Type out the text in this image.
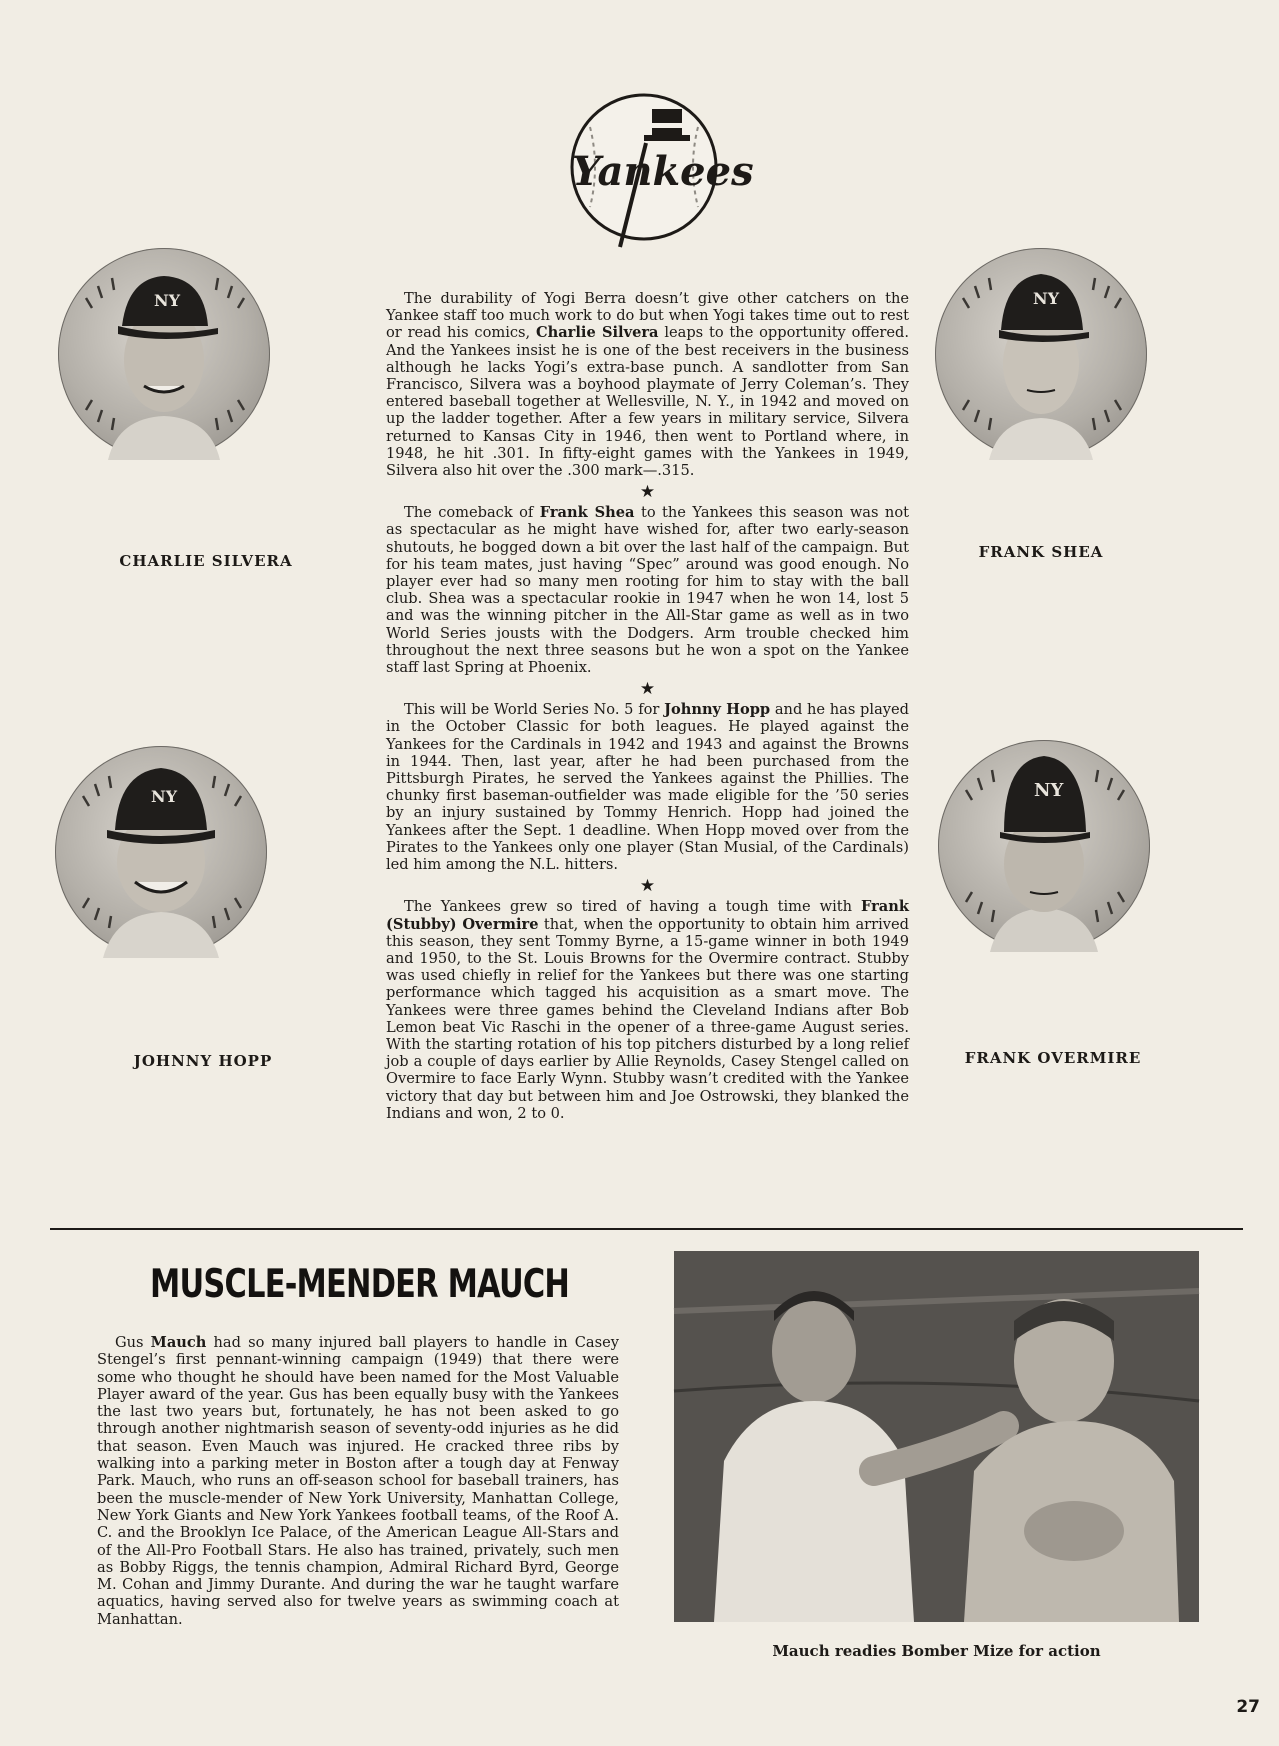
Yankees
NY
CHARLIE SILVERA
NY
FRANK SHEA
NY
JOHNNY HOPP
NY
FRANK OVERMIRE

The durability of Yogi Berra doesn’t give other catchers on the Yankee staff too much work to do but when Yogi takes time out to rest or read his comics, Charlie Silvera leaps to the opportunity offered. And the Yankees insist he is one of the best receivers in the business although he lacks Yogi’s extra-base punch. A sandlotter from San Francisco, Silvera was a boyhood playmate of Jerry Coleman’s. They entered baseball together at Wellesville, N. Y., in 1942 and moved on up the ladder together. After a few years in military service, Silvera returned to Kansas City in 1946, then went to Portland where, in 1948, he hit .301. In fifty-eight games with the Yankees in 1949, Silvera also hit over the .300 mark—.315.

★

The comeback of Frank Shea to the Yankees this season was not as spectacular as he might have wished for, after two early-season shutouts, he bogged down a bit over the last half of the campaign. But for his team mates, just having “Spec” around was good enough. No player ever had so many men rooting for him to stay with the ball club. Shea was a spectacular rookie in 1947 when he won 14, lost 5 and was the winning pitcher in the All-Star game as well as in two World Series jousts with the Dodgers. Arm trouble checked him throughout the next three seasons but he won a spot on the Yankee staff last Spring at Phoenix.

★

This will be World Series No. 5 for Johnny Hopp and he has played in the October Classic for both leagues. He played against the Yankees for the Cardinals in 1942 and 1943 and against the Browns in 1944. Then, last year, after he had been purchased from the Pittsburgh Pirates, he served the Yankees against the Phillies. The chunky first baseman-outfielder was made eligible for the ’50 series by an injury sustained by Tommy Henrich. Hopp had joined the Yankees after the Sept. 1 deadline. When Hopp moved over from the Pirates to the Yankees only one player (Stan Musial, of the Cardinals) led him among the N.L. hitters.

★

The Yankees grew so tired of having a tough time with Frank (Stubby) Overmire that, when the opportunity to obtain him arrived this season, they sent Tommy Byrne, a 15-game winner in both 1949 and 1950, to the St. Louis Browns for the Overmire contract. Stubby was used chiefly in relief for the Yankees but there was one starting performance which tagged his acquisition as a smart move. The Yankees were three games behind the Cleveland Indians after Bob Lemon beat Vic Raschi in the opener of a three-game August series. With the starting rotation of his top pitchers disturbed by a long relief job a couple of days earlier by Allie Reynolds, Casey Stengel called on Overmire to face Early Wynn. Stubby wasn’t credited with the Yankee victory that day but between him and Joe Ostrowski, they blanked the Indians and won, 2 to 0.

MUSCLE-MENDER MAUCH

Gus Mauch had so many injured ball players to handle in Casey Stengel’s first pennant-winning campaign (1949) that there were some who thought he should have been named for the Most Valuable Player award of the year. Gus has been equally busy with the Yankees the last two years but, fortunately, he has not been asked to go through another nightmarish season of seventy-odd injuries as he did that season. Even Mauch was injured. He cracked three ribs by walking into a parking meter in Boston after a tough day at Fenway Park. Mauch, who runs an off-season school for baseball trainers, has been the muscle-mender of New York University, Manhattan College, New York Giants and New York Yankees football teams, of the Roof A. C. and the Brooklyn Ice Palace, of the American League All-Stars and of the All-Pro Football Stars. He also has trained, privately, such men as Bobby Riggs, the tennis champion, Admiral Richard Byrd, George M. Cohan and Jimmy Durante. And during the war he taught warfare aquatics, having served also for twelve years as swimming coach at Manhattan.

Mauch readies Bomber Mize for action
27
